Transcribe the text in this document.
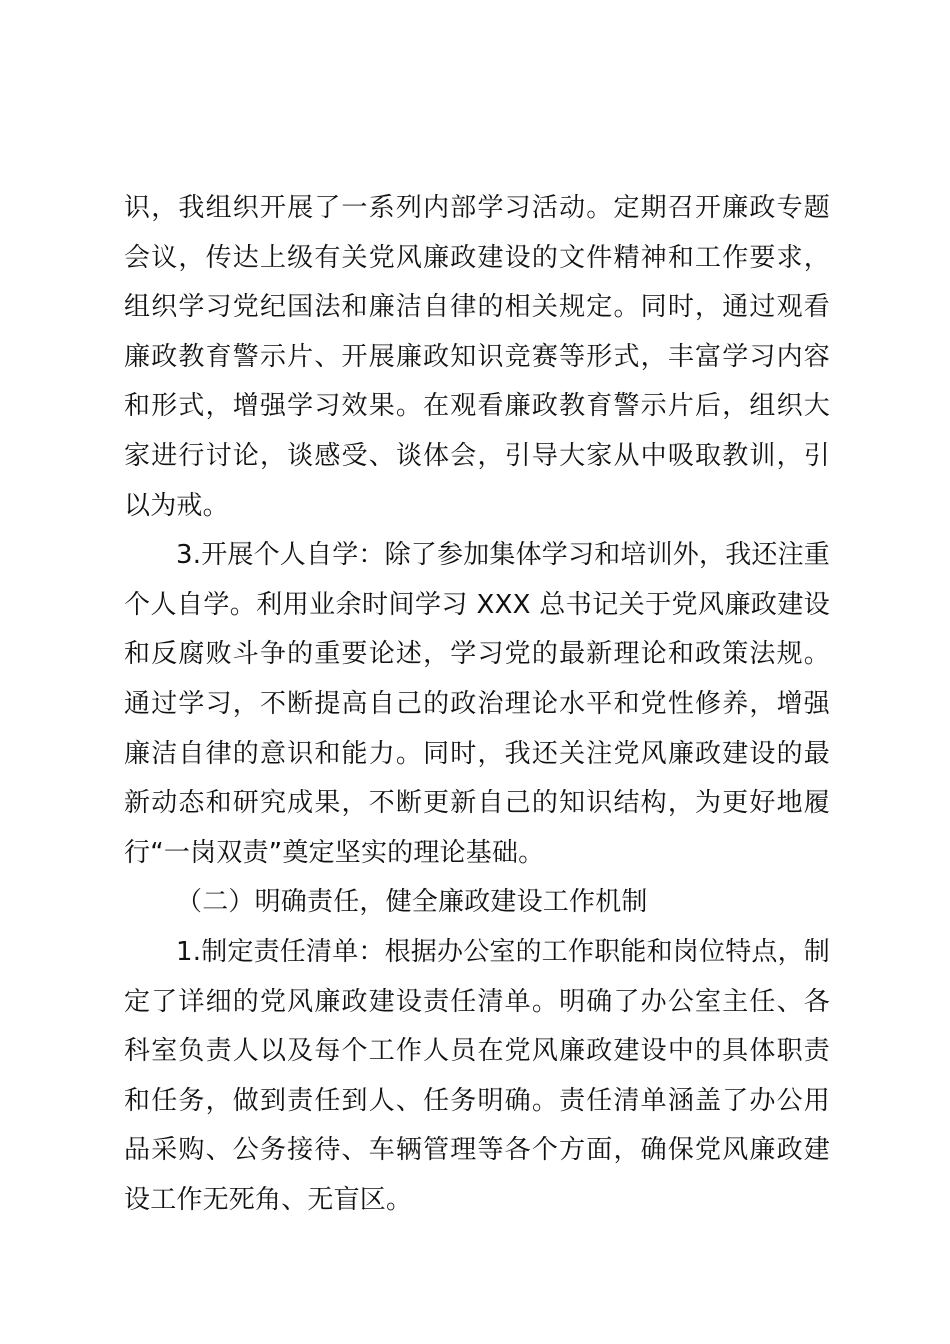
识，我组织开展了一系列内部学习活动。定期召开廉政专题会议，传达上级有关党风廉政建设的文件精神和工作要求，组织学习党纪国法和廉洁自律的相关规定。同时，通过观看廉政教育警示片、开展廉政知识竞赛等形式，丰富学习内容和形式，增强学习效果。在观看廉政教育警示片后，组织大家进行讨论，谈感受、谈体会，引导大家从中吸取教训，引以为戒。

3.开展个人自学：除了参加集体学习和培训外，我还注重个人自学。利用业余时间学习 XXX 总书记关于党风廉政建设和反腐败斗争的重要论述，学习党的最新理论和政策法规。通过学习，不断提高自己的政治理论水平和党性修养，增强廉洁自律的意识和能力。同时，我还关注党风廉政建设的最新动态和研究成果，不断更新自己的知识结构，为更好地履行“一岗双责”奠定坚实的理论基础。

（二）明确责任，健全廉政建设工作机制

1.制定责任清单：根据办公室的工作职能和岗位特点，制定了详细的党风廉政建设责任清单。明确了办公室主任、各科室负责人以及每个工作人员在党风廉政建设中的具体职责和任务，做到责任到人、任务明确。责任清单涵盖了办公用品采购、公务接待、车辆管理等各个方面，确保党风廉政建设工作无死角、无盲区。
